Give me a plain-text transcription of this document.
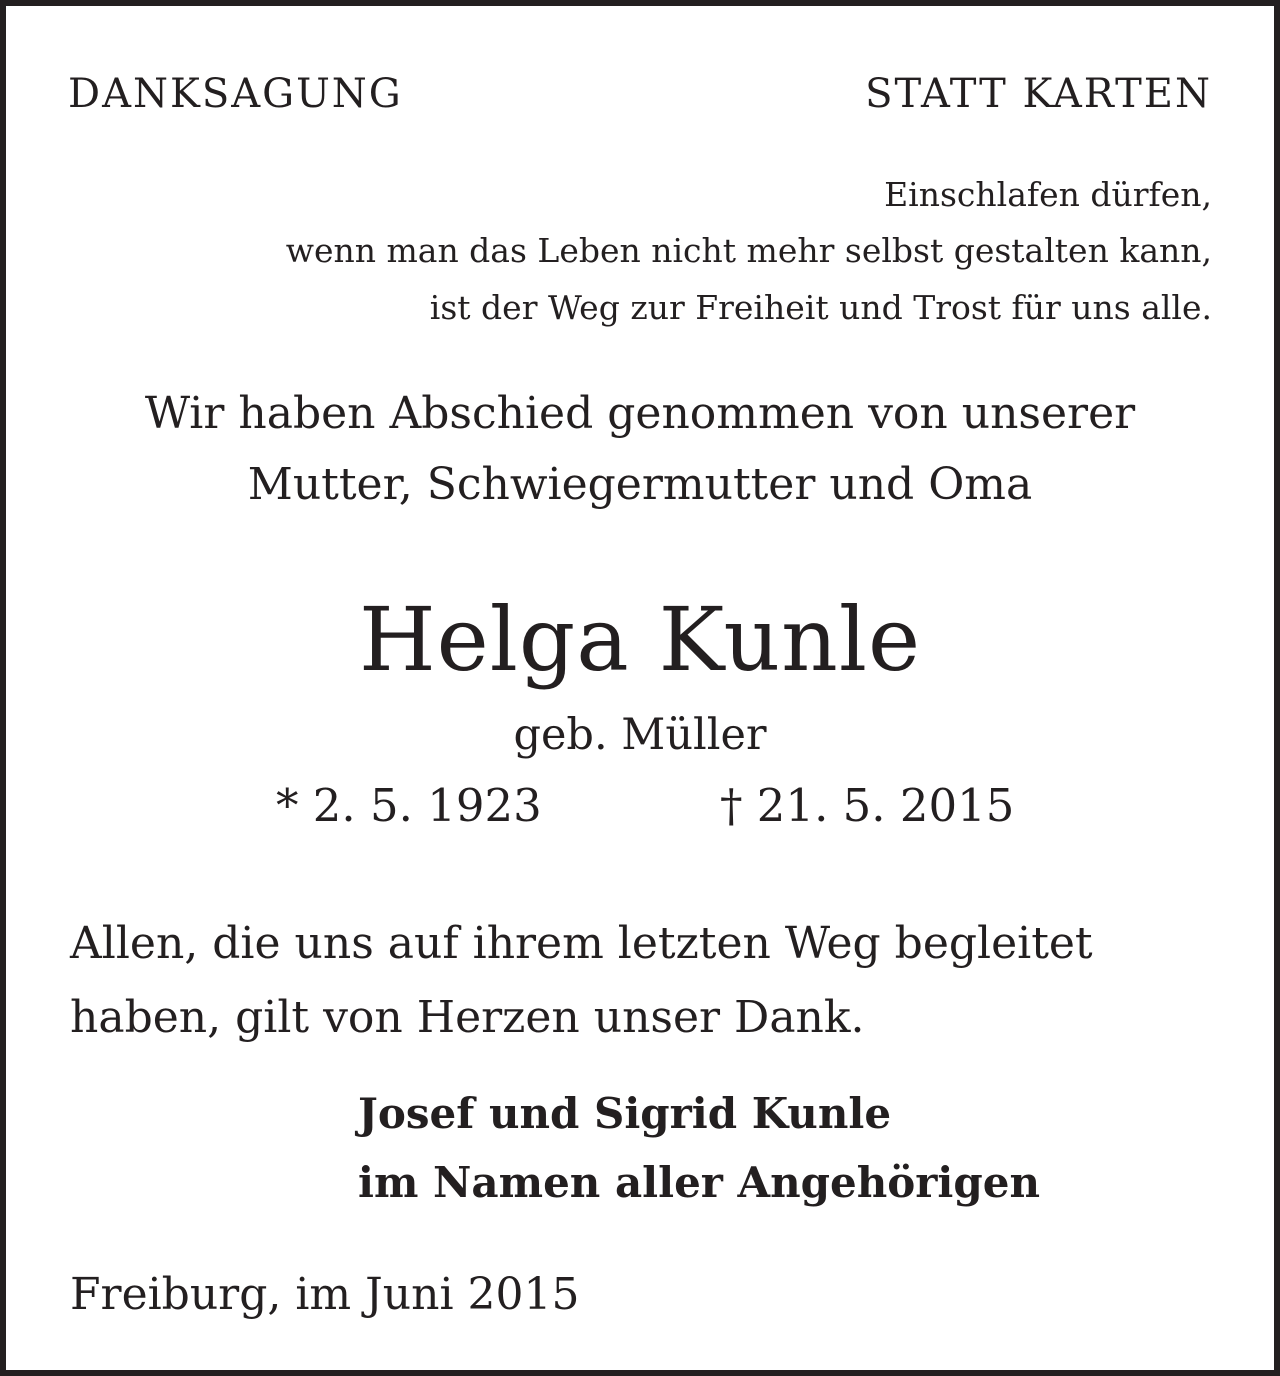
DANKSAGUNG	STATT KARTEN

Einschlafen dürfen,

wenn man das Leben nicht mehr selbst gestalten kann,

ist der Weg zur Freiheit und Trost für uns alle.

Wir haben Abschied genommen von unserer

Mutter, Schwiegermutter und Oma

Helga Kunle

geb. Müller

* 2. 5. 1923	† 21. 5. 2015

Allen, die uns auf ihrem letzten Weg begleitet

haben, gilt von Herzen unser Dank.

Josef und Sigrid Kunle

im Namen aller Angehörigen

Freiburg, im Juni 2015
